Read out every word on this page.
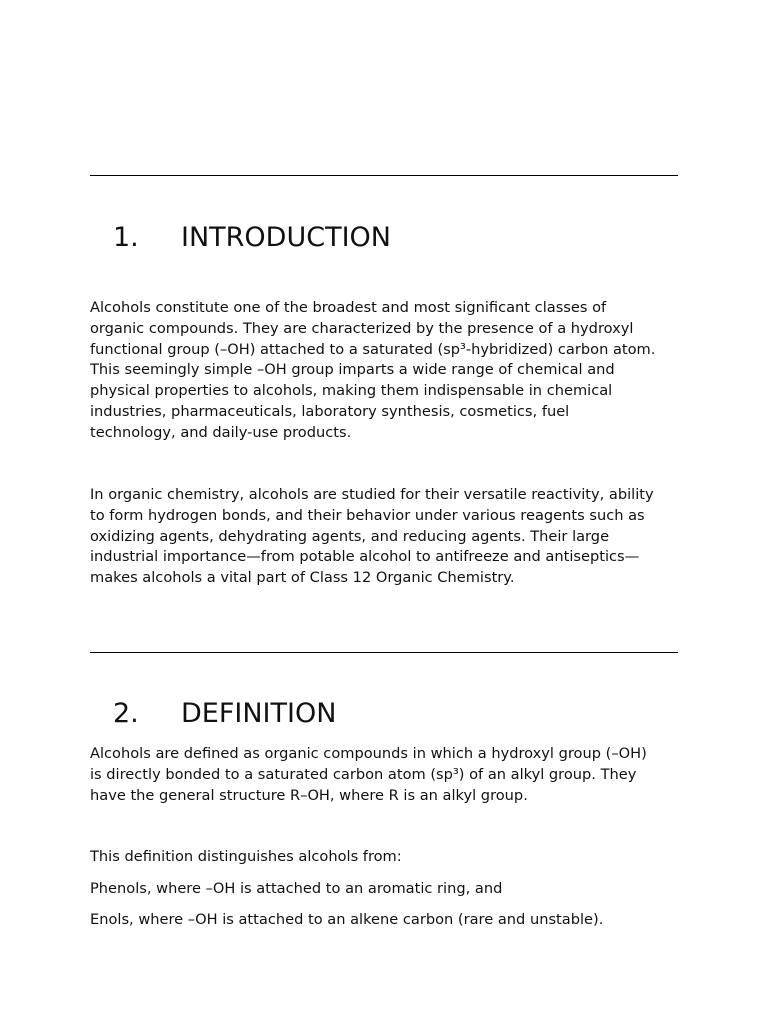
1. INTRODUCTION

Alcohols constitute one of the broadest and most significant classes of
organic compounds. They are characterized by the presence of a hydroxyl
functional group (–OH) attached to a saturated (sp³-hybridized) carbon atom.
This seemingly simple –OH group imparts a wide range of chemical and
physical properties to alcohols, making them indispensable in chemical
industries, pharmaceuticals, laboratory synthesis, cosmetics, fuel
technology, and daily-use products.

In organic chemistry, alcohols are studied for their versatile reactivity, ability
to form hydrogen bonds, and their behavior under various reagents such as
oxidizing agents, dehydrating agents, and reducing agents. Their large
industrial importance—from potable alcohol to antifreeze and antiseptics—
makes alcohols a vital part of Class 12 Organic Chemistry.

2. DEFINITION

Alcohols are defined as organic compounds in which a hydroxyl group (–OH)
is directly bonded to a saturated carbon atom (sp³) of an alkyl group. They
have the general structure R–OH, where R is an alkyl group.

This definition distinguishes alcohols from:

Phenols, where –OH is attached to an aromatic ring, and

Enols, where –OH is attached to an alkene carbon (rare and unstable).
